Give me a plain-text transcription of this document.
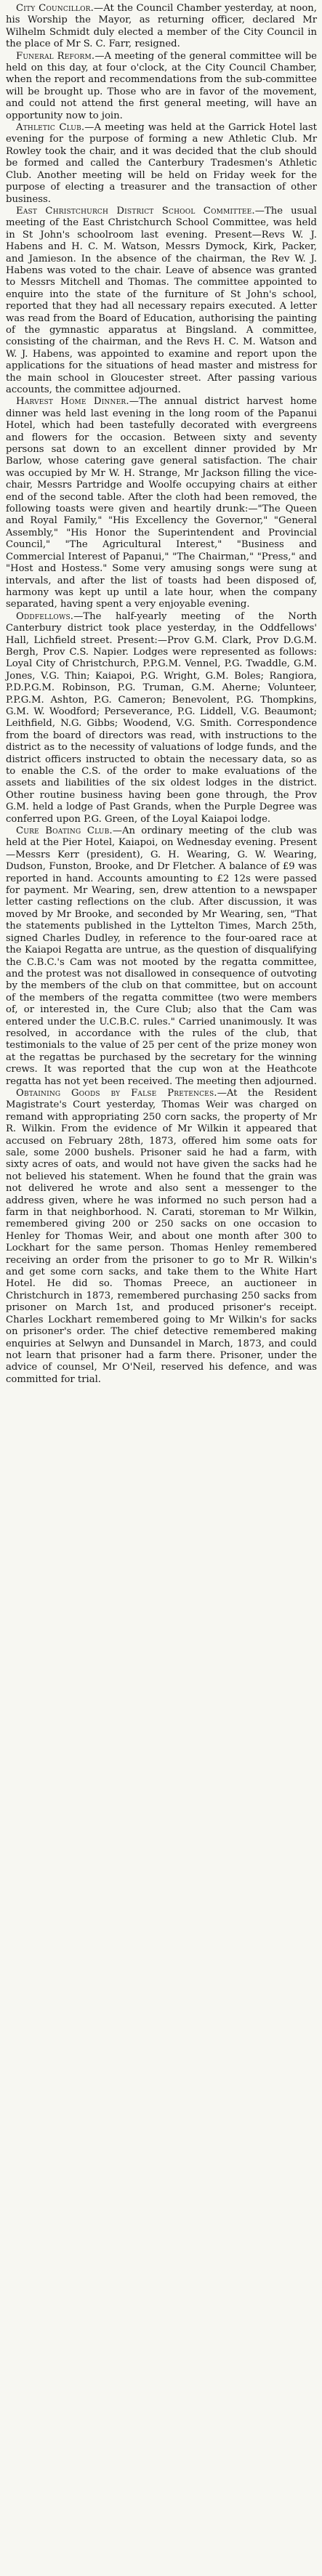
City Councillor.—At the Council Chamber yesterday, at noon, his Worship the Mayor, as returning officer, declared Mr Wilhelm Schmidt duly elected a member of the City Council in the place of Mr S. C. Farr, resigned.

Funeral Reform.—A meeting of the general committee will be held on this day, at four o'clock, at the City Council Chamber, when the report and recommendations from the sub-committee will be brought up. Those who are in favor of the movement, and could not attend the first general meeting, will have an opportunity now to join.

Athletic Club.—A meeting was held at the Garrick Hotel last evening for the purpose of forming a new Athletic Club. Mr Rowley took the chair, and it was decided that the club should be formed and called the Canterbury Tradesmen's Athletic Club. Another meeting will be held on Friday week for the purpose of electing a treasurer and the transaction of other business.

East Christchurch District School Committee.—The usual meeting of the East Christchurch School Committee, was held in St John's schoolroom last evening. Present—Revs W. J. Habens and H. C. M. Watson, Messrs Dymock, Kirk, Packer, and Jamieson. In the absence of the chairman, the Rev W. J. Habens was voted to the chair. Leave of absence was granted to Messrs Mitchell and Thomas. The committee appointed to enquire into the state of the furniture of St John's school, reported that they had all necessary repairs executed. A letter was read from the Board of Education, authorising the painting of the gymnastic apparatus at Bingsland. A committee, consisting of the chairman, and the Revs H. C. M. Watson and W. J. Habens, was appointed to examine and report upon the applications for the situations of head master and mistress for the main school in Gloucester street. After passing various accounts, the committee adjourned.

Harvest Home Dinner.—The annual district harvest home dinner was held last evening in the long room of the Papanui Hotel, which had been tastefully decorated with evergreens and flowers for the occasion. Between sixty and seventy persons sat down to an excellent dinner provided by Mr Barlow, whose catering gave general satisfaction. The chair was occupied by Mr W. H. Strange, Mr Jackson filling the vice-chair, Messrs Partridge and Woolfe occupying chairs at either end of the second table. After the cloth had been removed, the following toasts were given and heartily drunk:—"The Queen and Royal Family," "His Excellency the Governor," "General Assembly," "His Honor the Superintendent and Provincial Council," "The Agricultural Interest," "Business and Commercial Interest of Papanui," "The Chairman," "Press," and "Host and Hostess." Some very amusing songs were sung at intervals, and after the list of toasts had been disposed of, harmony was kept up until a late hour, when the company separated, having spent a very enjoyable evening.

Oddfellows.—The half-yearly meeting of the North Canterbury district took place yesterday, in the Oddfellows' Hall, Lichfield street. Present:—Prov G.M. Clark, Prov D.G.M. Bergh, Prov C.S. Napier. Lodges were represented as follows: Loyal City of Christchurch, P.P.G.M. Vennel, P.G. Twaddle, G.M. Jones, V.G. Thin; Kaiapoi, P.G. Wright, G.M. Boles; Rangiora, P.D.P.G.M. Robinson, P.G. Truman, G.M. Aherne; Volunteer, P.P.G.M. Ashton, P.G. Cameron; Benevolent, P.G. Thompkins, G.M. W. Woodford; Perseverance, P.G. Liddell, V.G. Beaumont; Leithfield, N.G. Gibbs; Woodend, V.G. Smith. Correspondence from the board of directors was read, with instructions to the district as to the necessity of valuations of lodge funds, and the district officers instructed to obtain the necessary data, so as to enable the C.S. of the order to make evaluations of the assets and liabilities of the six oldest lodges in the district. Other routine business having been gone through, the Prov G.M. held a lodge of Past Grands, when the Purple Degree was conferred upon P.G. Green, of the Loyal Kaiapoi lodge.

Cure Boating Club.—An ordinary meeting of the club was held at the Pier Hotel, Kaiapoi, on Wednesday evening. Present—Messrs Kerr (president), G. H. Wearing, G. W. Wearing, Dudson, Funston, Brooke, and Dr Fletcher. A balance of £9 was reported in hand. Accounts amounting to £2 12s were passed for payment. Mr Wearing, sen, drew attention to a newspaper letter casting reflections on the club. After discussion, it was moved by Mr Brooke, and seconded by Mr Wearing, sen, "That the statements published in the Lyttelton Times, March 25th, signed Charles Dudley, in reference to the four-oared race at the Kaiapoi Regatta are untrue, as the question of disqualifying the C.B.C.'s Cam was not mooted by the regatta committee, and the protest was not disallowed in consequence of outvoting by the members of the club on that committee, but on account of the members of the regatta committee (two were members of, or interested in, the Cure Club; also that the Cam was entered under the U.C.B.C. rules." Carried unanimously. It was resolved, in accordance with the rules of the club, that testimonials to the value of 25 per cent of the prize money won at the regattas be purchased by the secretary for the winning crews. It was reported that the cup won at the Heathcote regatta has not yet been received. The meeting then adjourned.

Obtaining Goods by False Pretences.—At the Resident Magistrate's Court yesterday, Thomas Weir was charged on remand with appropriating 250 corn sacks, the property of Mr R. Wilkin. From the evidence of Mr Wilkin it appeared that accused on February 28th, 1873, offered him some oats for sale, some 2000 bushels. Prisoner said he had a farm, with sixty acres of oats, and would not have given the sacks had he not believed his statement. When he found that the grain was not delivered he wrote and also sent a messenger to the address given, where he was informed no such person had a farm in that neighborhood. N. Carati, storeman to Mr Wilkin, remembered giving 200 or 250 sacks on one occasion to Henley for Thomas Weir, and about one month after 300 to Lockhart for the same person. Thomas Henley remembered receiving an order from the prisoner to go to Mr R. Wilkin's and get some corn sacks, and take them to the White Hart Hotel. He did so. Thomas Preece, an auctioneer in Christchurch in 1873, remembered purchasing 250 sacks from prisoner on March 1st, and produced prisoner's receipt. Charles Lockhart remembered going to Mr Wilkin's for sacks on prisoner's order. The chief detective remembered making enquiries at Selwyn and Dunsandel in March, 1873, and could not learn that prisoner had a farm there. Prisoner, under the advice of counsel, Mr O'Neil, reserved his defence, and was committed for trial.
